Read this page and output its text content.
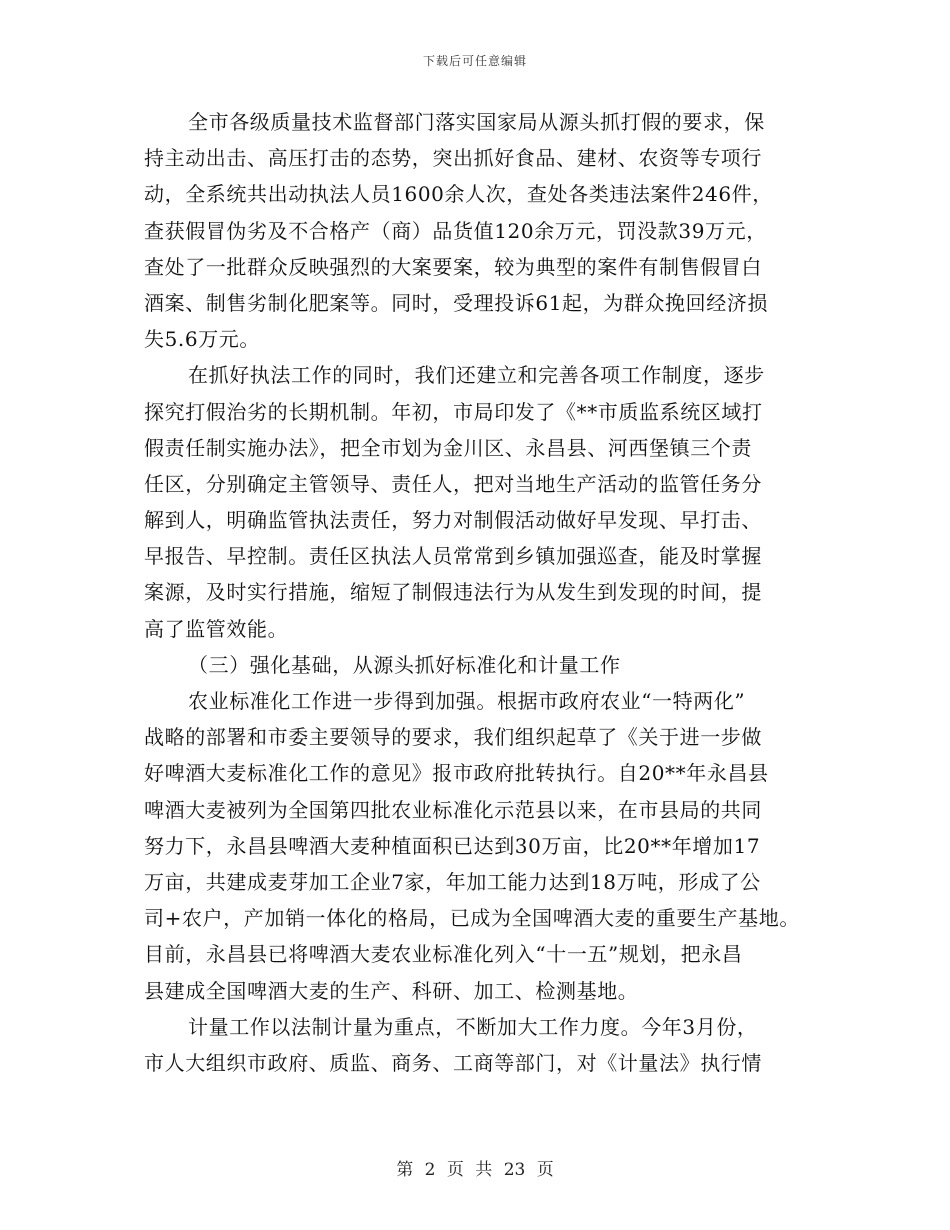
下载后可任意编辑
全市各级质量技术监督部门落实国家局从源头抓打假的要求，保
持主动出击、高压打击的态势，突出抓好食品、建材、农资等专项行
动，全系统共出动执法人员1600余人次，查处各类违法案件246件，
查获假冒伪劣及不合格产（商）品货值120余万元，罚没款39万元，
查处了一批群众反映强烈的大案要案，较为典型的案件有制售假冒白
酒案、制售劣制化肥案等。同时，受理投诉61起，为群众挽回经济损
失5.6万元。
在抓好执法工作的同时，我们还建立和完善各项工作制度，逐步
探究打假治劣的长期机制。年初，市局印发了《**市质监系统区域打
假责任制实施办法》，把全市划为金川区、永昌县、河西堡镇三个责
任区，分别确定主管领导、责任人，把对当地生产活动的监管任务分
解到人，明确监管执法责任，努力对制假活动做好早发现、早打击、
早报告、早控制。责任区执法人员常常到乡镇加强巡查，能及时掌握
案源，及时实行措施，缩短了制假违法行为从发生到发现的时间，提
高了监管效能。
（三）强化基础，从源头抓好标准化和计量工作
农业标准化工作进一步得到加强。根据市政府农业“一特两化”
战略的部署和市委主要领导的要求，我们组织起草了《关于进一步做
好啤酒大麦标准化工作的意见》报市政府批转执行。自20**年永昌县
啤酒大麦被列为全国第四批农业标准化示范县以来，在市县局的共同
努力下，永昌县啤酒大麦种植面积已达到30万亩，比20**年增加17
万亩，共建成麦芽加工企业7家，年加工能力达到18万吨，形成了公
司+农户，产加销一体化的格局，已成为全国啤酒大麦的重要生产基地。
目前，永昌县已将啤酒大麦农业标准化列入“十一五”规划，把永昌
县建成全国啤酒大麦的生产、科研、加工、检测基地。
计量工作以法制计量为重点，不断加大工作力度。今年3月份，
市人大组织市政府、质监、商务、工商等部门，对《计量法》执行情
第 2 页 共 23 页
